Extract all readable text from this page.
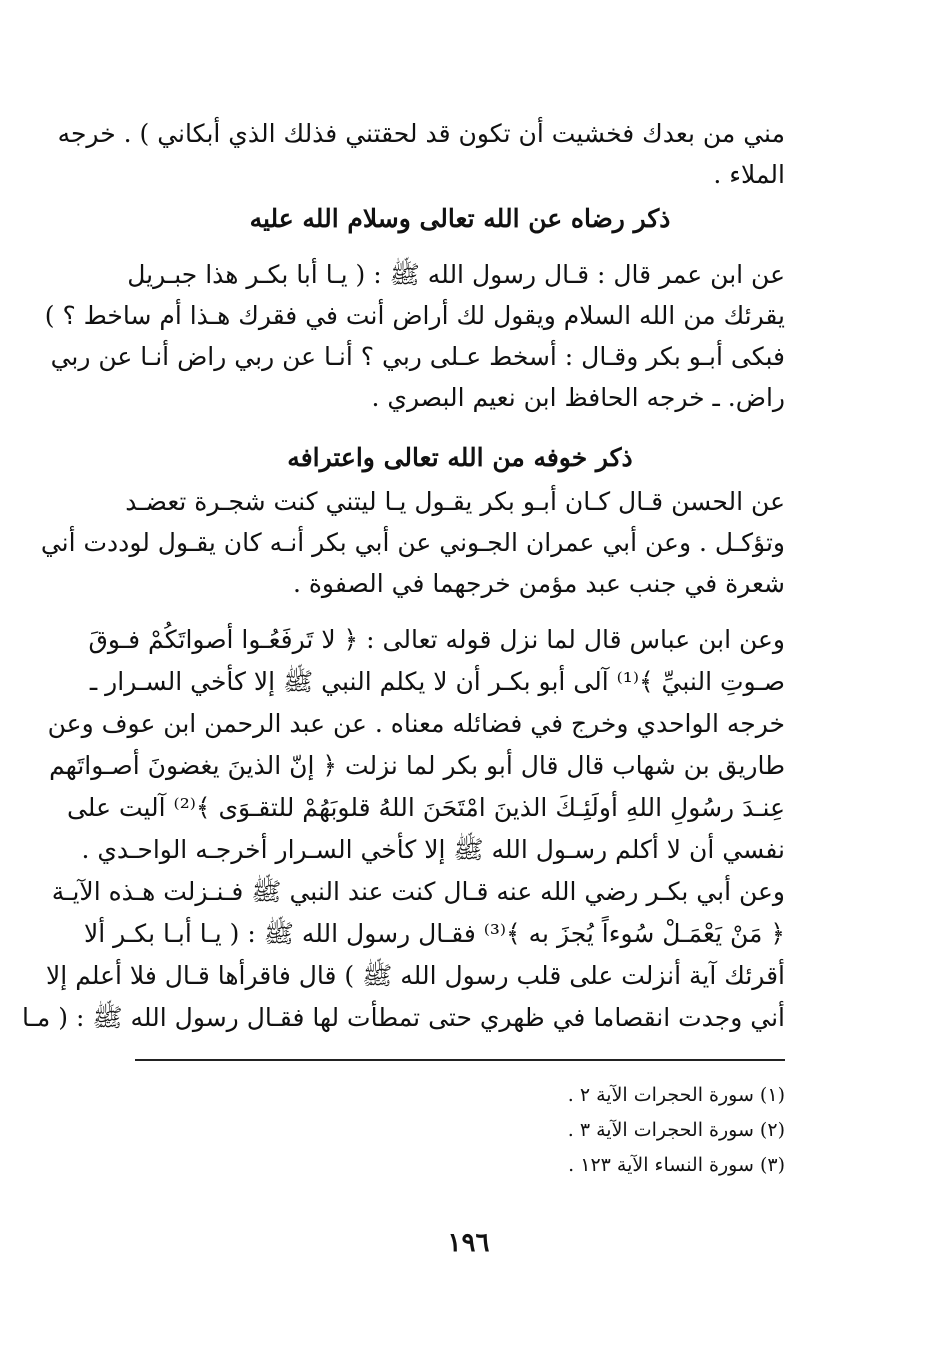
مني من بعدك فخشيت أن تكون قد لحقتني فذلك الذي أبكاني ) . خرجه
الملاء .
ذكر رضاه عن الله تعالى وسلام الله عليه
عن ابن عمر قال : قـال رسول الله ﷺ : ( يـا أبا بكـر هذا جبـريل
يقرئك من الله السلام ويقول لك أراض أنت في فقرك هـذا أم ساخط ؟ )
فبكى أبـو بكر وقـال : أسخط عـلى ربي ؟ أنـا عن ربي راض أنـا عن ربي
راض. ـ خرجه الحافظ ابن نعيم البصري .
ذكر خوفه من الله تعالى واعترافه
عن الحسن قـال كـان أبـو بكر يقـول يـا ليتني كنت شجـرة تعضـد
وتؤكـل . وعن أبي عمران الجـوني عن أبي بكر أنـه كان يقـول لوددت أني
شعرة في جنب عبد مؤمن خرجهما في الصفوة .
وعن ابن عباس قال لما نزل قوله تعالى : ﴿ لا تَرفَعُـوا أصواتَكُمْ فـوقَ
صـوتِ النبيِّ ﴾⁽¹⁾ آلى أبو بكـر أن لا يكلم النبي ﷺ إلا كأخي السـرار ـ
خرجه الواحدي وخرج في فضائله معناه . عن عبد الرحمن ابن عوف وعن
طاريق بن شهاب قال قال أبو بكر لما نزلت ﴿ إنّ الذينَ يغضونَ أصـواتَهم
عِنـدَ رسُولِ اللهِ أولَئِـكَ الذينَ امْتَحَنَ اللهُ قلوبَهُمْ للتقـوَى ﴾⁽²⁾ آليت على
نفسي أن لا أكلم رسـول الله ﷺ إلا كأخي السـرار أخرجـه الواحـدي .
وعن أبي بكـر رضي الله عنه قـال كنت عند النبي ﷺ فـنـزلت هـذه الآيـة
﴿ مَنْ يَعْمَـلْ سُوءاً يُجزَ به ﴾⁽³⁾ فقـال رسول الله ﷺ : ( يـا أبـا بكـر ألا
أقرئك آية أنزلت على قلب رسول الله ﷺ ) قال فاقرأها قـال فلا أعلم إلا
أني وجدت انقصاما في ظهري حتى تمطأت لها فقـال رسول الله ﷺ : ( مـا
(١) سورة الحجرات الآية ٢ .
(٢) سورة الحجرات الآية ٣ .
(٣) سورة النساء الآية ١٢٣ .
١٩٦
